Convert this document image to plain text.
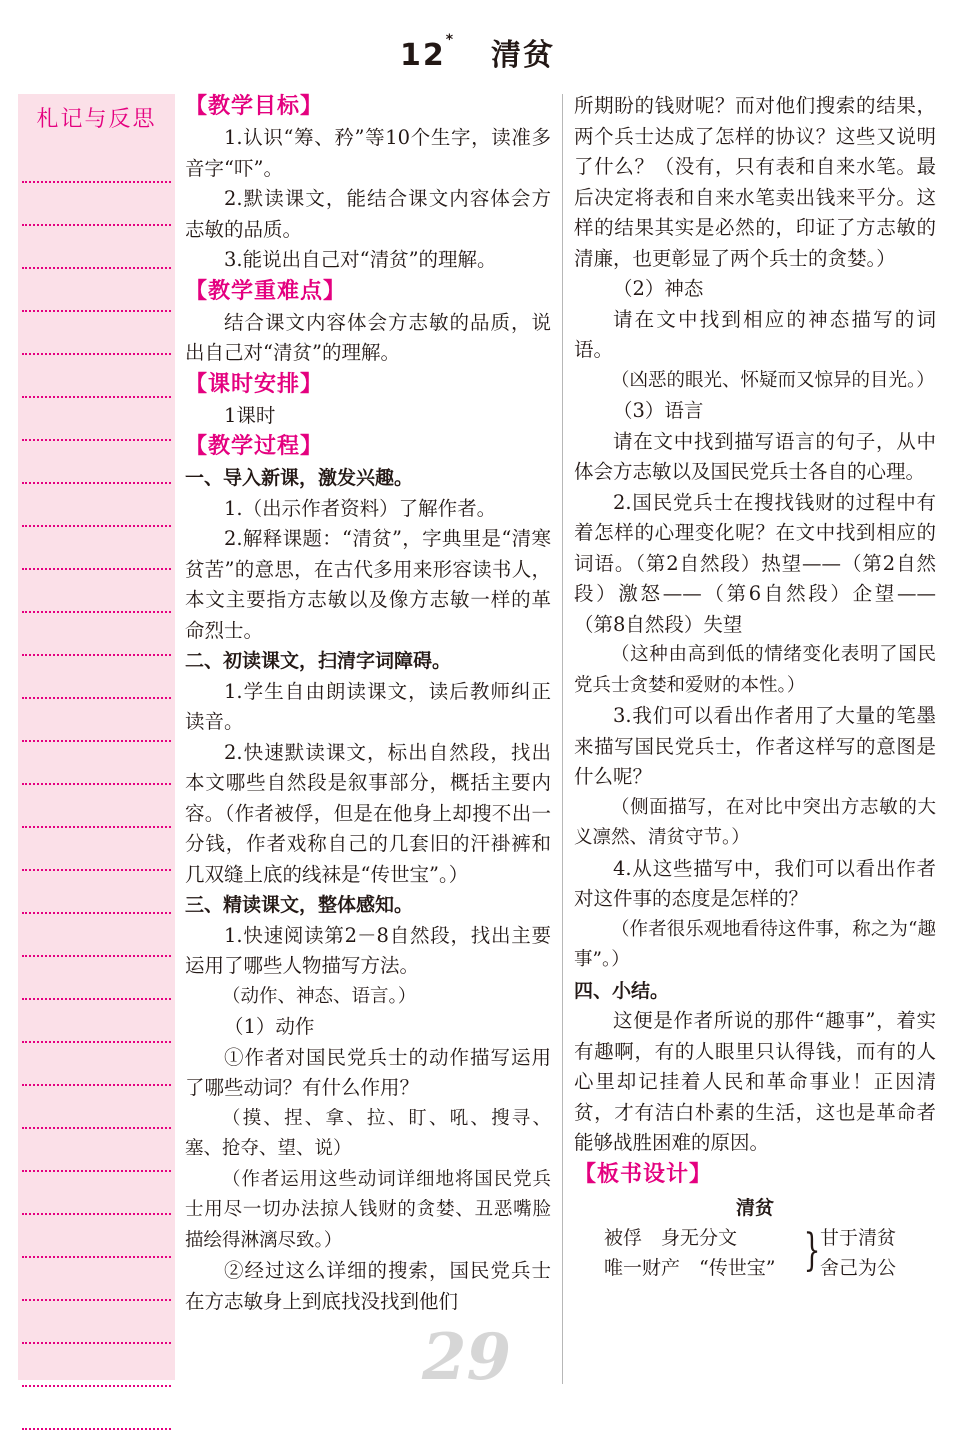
12* 清贫
札记与反思

【教学目标】

1.认识“筹、矜”等10个生字，读准多音字“吓”。

2.默读课文，能结合课文内容体会方志敏的品质。

3.能说出自己对“清贫”的理解。

【教学重难点】

结合课文内容体会方志敏的品质，说出自己对“清贫”的理解。

【课时安排】

1课时

【教学过程】

一、导入新课，激发兴趣。

1.（出示作者资料）了解作者。

2.解释课题：“清贫”，字典里是“清寒贫苦”的意思，在古代多用来形容读书人，本文主要指方志敏以及像方志敏一样的革命烈士。

二、初读课文，扫清字词障碍。

1.学生自由朗读课文，读后教师纠正读音。

2.快速默读课文，标出自然段，找出本文哪些自然段是叙事部分，概括主要内容。（作者被俘，但是在他身上却搜不出一分钱，作者戏称自己的几套旧的汗褂裤和几双缝上底的线袜是“传世宝”。）

三、精读课文，整体感知。

1.快速阅读第2－8自然段，找出主要运用了哪些人物描写方法。

（动作、神态、语言。）

（1）动作

①作者对国民党兵士的动作描写运用了哪些动词？有什么作用？

（摸、捏、拿、拉、盯、吼、搜寻、塞、抢夺、望、说）

（作者运用这些动词详细地将国民党兵士用尽一切办法掠人钱财的贪婪、丑恶嘴脸描绘得淋漓尽致。）

②经过这么详细的搜索，国民党兵士在方志敏身上到底找没找到他们

所期盼的钱财呢？而对他们搜索的结果，两个兵士达成了怎样的协议？这些又说明了什么？（没有，只有表和自来水笔。最后决定将表和自来水笔卖出钱来平分。这样的结果其实是必然的，印证了方志敏的清廉，也更彰显了两个兵士的贪婪。）

（2）神态

请在文中找到相应的神态描写的词语。

（凶恶的眼光、怀疑而又惊异的目光。）

（3）语言

请在文中找到描写语言的句子，从中体会方志敏以及国民党兵士各自的心理。

2.国民党兵士在搜找钱财的过程中有着怎样的心理变化呢？在文中找到相应的词语。（第2自然段）热望——（第2自然段）激怒——（第6自然段）企望——（第8自然段）失望

（这种由高到低的情绪变化表明了国民党兵士贪婪和爱财的本性。）

3.我们可以看出作者用了大量的笔墨来描写国民党兵士，作者这样写的意图是什么呢？

（侧面描写，在对比中突出方志敏的大义凛然、清贫守节。）

4.从这些描写中，我们可以看出作者对这件事的态度是怎样的？

（作者很乐观地看待这件事，称之为“趣事”。）

四、小结。

这便是作者所说的那件“趣事”，着实有趣啊，有的人眼里只认得钱，而有的人心里却记挂着人民和革命事业！正因清贫，才有洁白朴素的生活，这也是革命者能够战胜困难的原因。

【板书设计】

清贫
被俘　身无分文
唯一财产　“传世宝” } 甘于清贫
舍己为公
29
